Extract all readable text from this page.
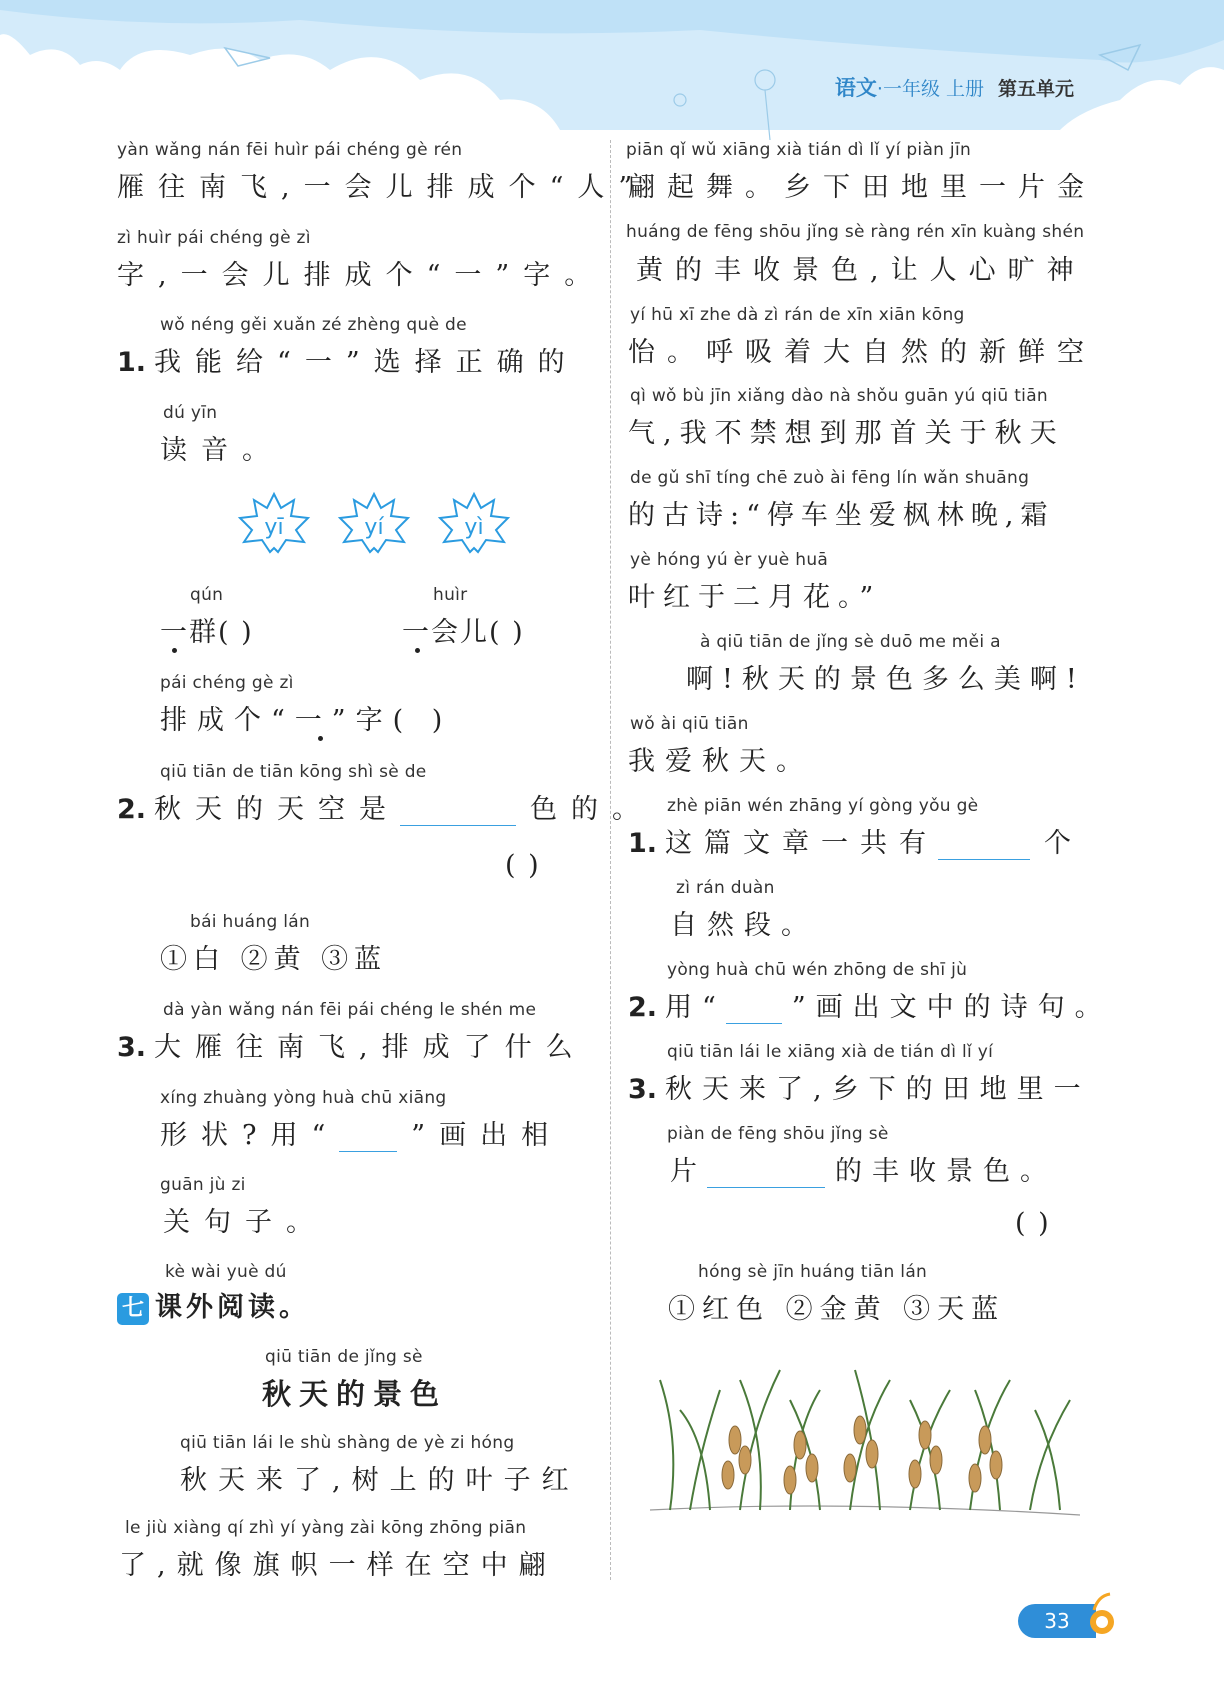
语文·一年级 上册 第五单元
yàn wǎng nán fēi huìr pái chéng gè rén
雁往南飞,一会儿排成个“人”
zì huìr pái chéng gè zì
字,一会儿排成个“一”字。
wǒ néng gěi xuǎn zé zhèng què de
1. 我能给“一”选择正确的
dú yīn
读音。
yī	yí	yì
qún
一群( )
huìr
一会儿( )
pái chéng gè zì
排成个“一”字( )
qiū tiān de tiān kōng shì sè de
2. 秋天的天空是	色的。
( )
bái huáng lán
①白 ②黄 ③蓝
dà yàn wǎng nán fēi pái chéng le shén me
3. 大雁往南飞,排成了什么
xíng zhuàng yòng huà chū xiāng
形状?用“	”画出相
guān jù zi
关句子。
kè wài yuè dú
七 课外阅读。
qiū tiān de jǐng sè
秋天的景色
qiū tiān lái le shù shàng de yè zi hóng
秋天来了,树上的叶子红
le jiù xiàng qí zhì yí yàng zài kōng zhōng piān
了,就像旗帜一样在空中翩
piān qǐ wǔ xiāng xià tián dì lǐ yí piàn jīn
翩起舞。乡下田地里一片金
huáng de fēng shōu jǐng sè ràng rén xīn kuàng shén
黄的丰收景色,让人心旷神
yí hū xī zhe dà zì rán de xīn xiān kōng
怡。呼吸着大自然的新鲜空
qì wǒ bù jīn xiǎng dào nà shǒu guān yú qiū tiān
气,我不禁想到那首关于秋天
de gǔ shī tíng chē zuò ài fēng lín wǎn shuāng
的古诗:“停车坐爱枫林晚,霜
yè hóng yú èr yuè huā
叶红于二月花。”
à qiū tiān de jǐng sè duō me měi a
啊!秋天的景色多么美啊!
wǒ ài qiū tiān
我爱秋天。
zhè piān wén zhāng yí gòng yǒu gè
1. 这篇文章一共有	个
zì rán duàn
自然段。
yòng huà chū wén zhōng de shī jù
2. 用“ ”画出文中的诗句。
qiū tiān lái le xiāng xià de tián dì lǐ yí
3. 秋天来了,乡下的田地里一
piàn de fēng shōu jǐng sè
片	的丰收景色。
( )
hóng sè jīn huáng tiān lán
①红色 ②金黄 ③天蓝
33
